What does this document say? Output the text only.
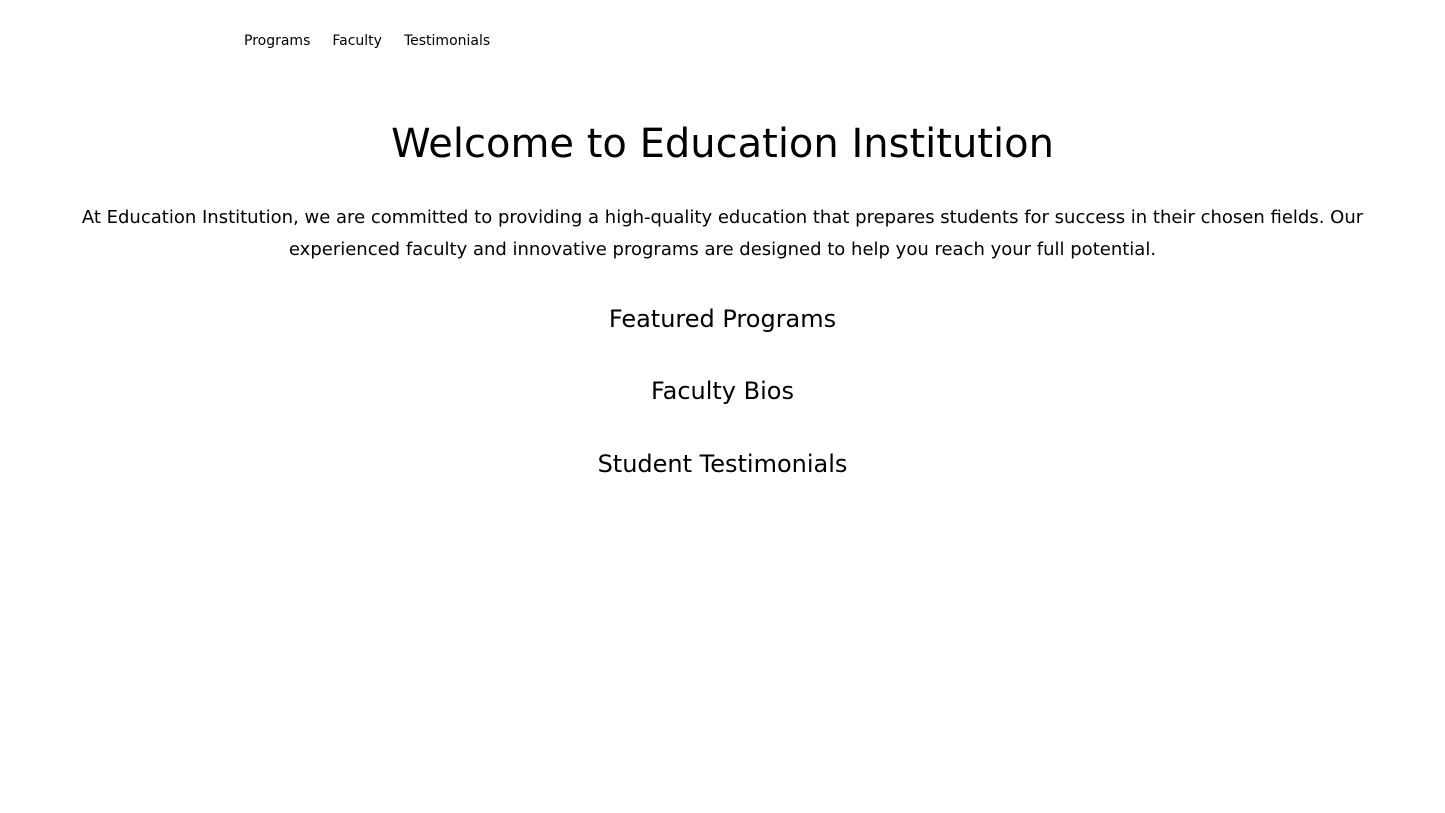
Programs Faculty Testimonials
Welcome to Education Institution

At Education Institution, we are committed to providing a high-quality education that prepares students for success in their chosen fields. Our experienced faculty and innovative programs are designed to help you reach your full potential.

Featured Programs
Faculty Bios
Student Testimonials
